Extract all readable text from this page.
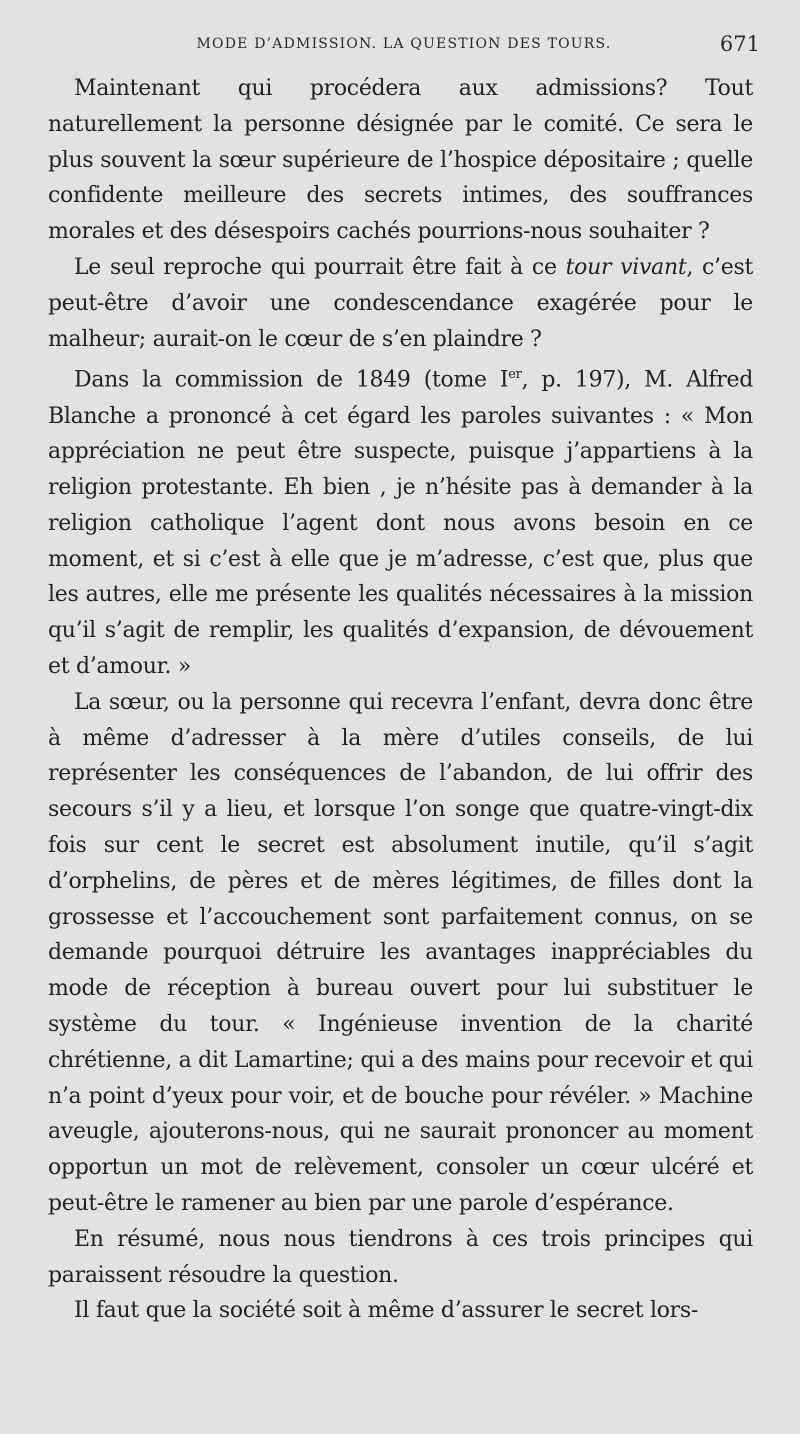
MODE D’ADMISSION. LA QUESTION DES TOURS.	671

Maintenant qui procédera aux admissions? Tout naturellement la personne désignée par le comité. Ce sera le plus souvent la sœur supérieure de l’hospice dépositaire ; quelle confidente meilleure des secrets intimes, des souffrances morales et des désespoirs cachés pourrions-nous souhaiter ?

Le seul reproche qui pourrait être fait à ce tour vivant, c’est peut-être d’avoir une condescendance exagérée pour le malheur; aurait-on le cœur de s’en plaindre ?

Dans la commission de 1849 (tome Ier, p. 197), M. Alfred Blanche a prononcé à cet égard les paroles suivantes : « Mon appréciation ne peut être suspecte, puisque j’appartiens à la religion protestante. Eh bien , je n’hésite pas à demander à la religion catholique l’agent dont nous avons besoin en ce moment, et si c’est à elle que je m’adresse, c’est que, plus que les autres, elle me présente les qualités nécessaires à la mission qu’il s’agit de remplir, les qualités d’expansion, de dévouement et d’amour. »

La sœur, ou la personne qui recevra l’enfant, devra donc être à même d’adresser à la mère d’utiles conseils, de lui représenter les conséquences de l’abandon, de lui offrir des secours s’il y a lieu, et lorsque l’on songe que quatre-vingt-dix fois sur cent le secret est absolument inutile, qu’il s’agit d’orphelins, de pères et de mères légitimes, de filles dont la grossesse et l’accouchement sont parfaitement connus, on se demande pourquoi détruire les avantages inappréciables du mode de réception à bureau ouvert pour lui substituer le système du tour. « Ingénieuse invention de la charité chrétienne, a dit Lamartine; qui a des mains pour recevoir et qui n’a point d’yeux pour voir, et de bouche pour révéler. » Machine aveugle, ajouterons-nous, qui ne saurait prononcer au moment opportun un mot de relèvement, consoler un cœur ulcéré et peut-être le ramener au bien par une parole d’espérance.

En résumé, nous nous tiendrons à ces trois principes qui paraissent résoudre la question.

Il faut que la société soit à même d’assurer le secret lors-
